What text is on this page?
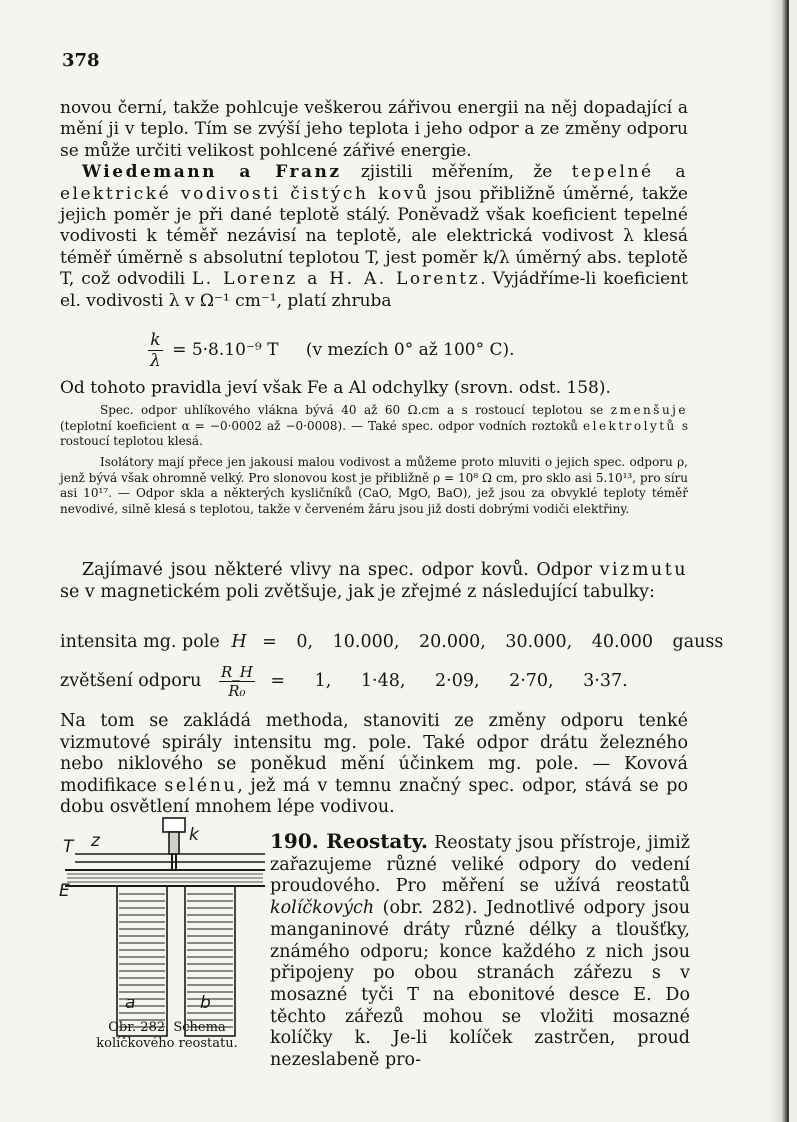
378

novou černí, takže pohlcuje veškerou zářivou energii na něj dopadající a mění ji v teplo. Tím se zvýší jeho teplota i jeho odpor a ze změny odporu se může určiti velikost pohlcené zářivé energie.

Wiedemann a Franz zjistili měřením, že tepelné a elektrické vodivosti čistých kovů jsou přibližně úměrné, takže jejich poměr je při dané teplotě stálý. Poněvadž však koeficient tepelné vodivosti k téměř nezávisí na teplotě, ale elektrická vodivost λ klesá téměř úměrně s absolutní teplotou T, jest poměr k/λ úměrný abs. teplotě T, což odvodili L. Lorenz a H. A. Lorentz. Vyjádříme-li koeficient el. vodivosti λ v Ω⁻¹ cm⁻¹, platí zhruba

$\frac{k}{\lambda} = 5\cdot 8.10^{-9}$ T (v mezích 0° až 100° C).
Od tohoto pravidla jeví však Fe a Al odchylky (srovn. odst. 158).

Spec. odpor uhlíkového vlákna bývá 40 až 60 Ω.cm a s rostoucí teplotou se zmenšuje (teplotní koeficient α = −0·0002 až −0·0008). — Také spec. odpor vodních roztoků elektrolytů s rostoucí teplotou klesá.

Isolátory mají přece jen jakousi malou vodivost a můžeme proto mluviti o jejich spec. odporu ρ, jenž bývá však ohromně velký. Pro slonovou kost je přibližně ρ = 10⁸ Ω cm, pro sklo asi 5.10¹³, pro síru asi 10¹⁷. — Odpor skla a některých kysličníků (CaO, MgO, BaO), jež jsou za obvyklé teploty téměř nevodivé, silně klesá s teplotou, takže v červeném žáru jsou již dosti dobrými vodiči elektřiny.

Zajímavé jsou některé vlivy na spec. odpor kovů. Odpor vizmutu se v magnetickém poli zvětšuje, jak je zřejmé z následující tabulky:

intensita mg. pole H = 0, 10.000, 20.000, 30.000, 40.000 gauss
zvětšení odporu $\frac{R\_H}{\text{R₀}} = 1$, 1·48, 2·09, 2·70, 3·37.

Na tom se zakládá methoda, stanoviti ze změny odporu tenké vizmutové spirály intensitu mg. pole. Také odpor drátu železného nebo niklového se poněkud mění účinkem mg. pole. — Kovová modifikace selénu, jež má v temnu značný spec. odpor, stává se po dobu osvětlení mnohem lépe vodivou.

T z	k
E
a	b
Obr. 282. Schema
kolíčkového reostatu.

190. Reostaty. Reostaty jsou přístroje, jimiž zařazujeme různé veliké odpory do vedení proudového. Pro měření se užívá reostatů kolíčkových (obr. 282). Jednotlivé odpory jsou manganinové dráty různé délky a tloušťky, známého odporu; konce každého z nich jsou připojeny po obou stranách zářezu s v mosazné tyči T na ebonitové desce E. Do těchto zářezů mohou se vložiti mosazné kolíčky k. Je-li kolíček zastrčen, proud nezeslabeně pro-
